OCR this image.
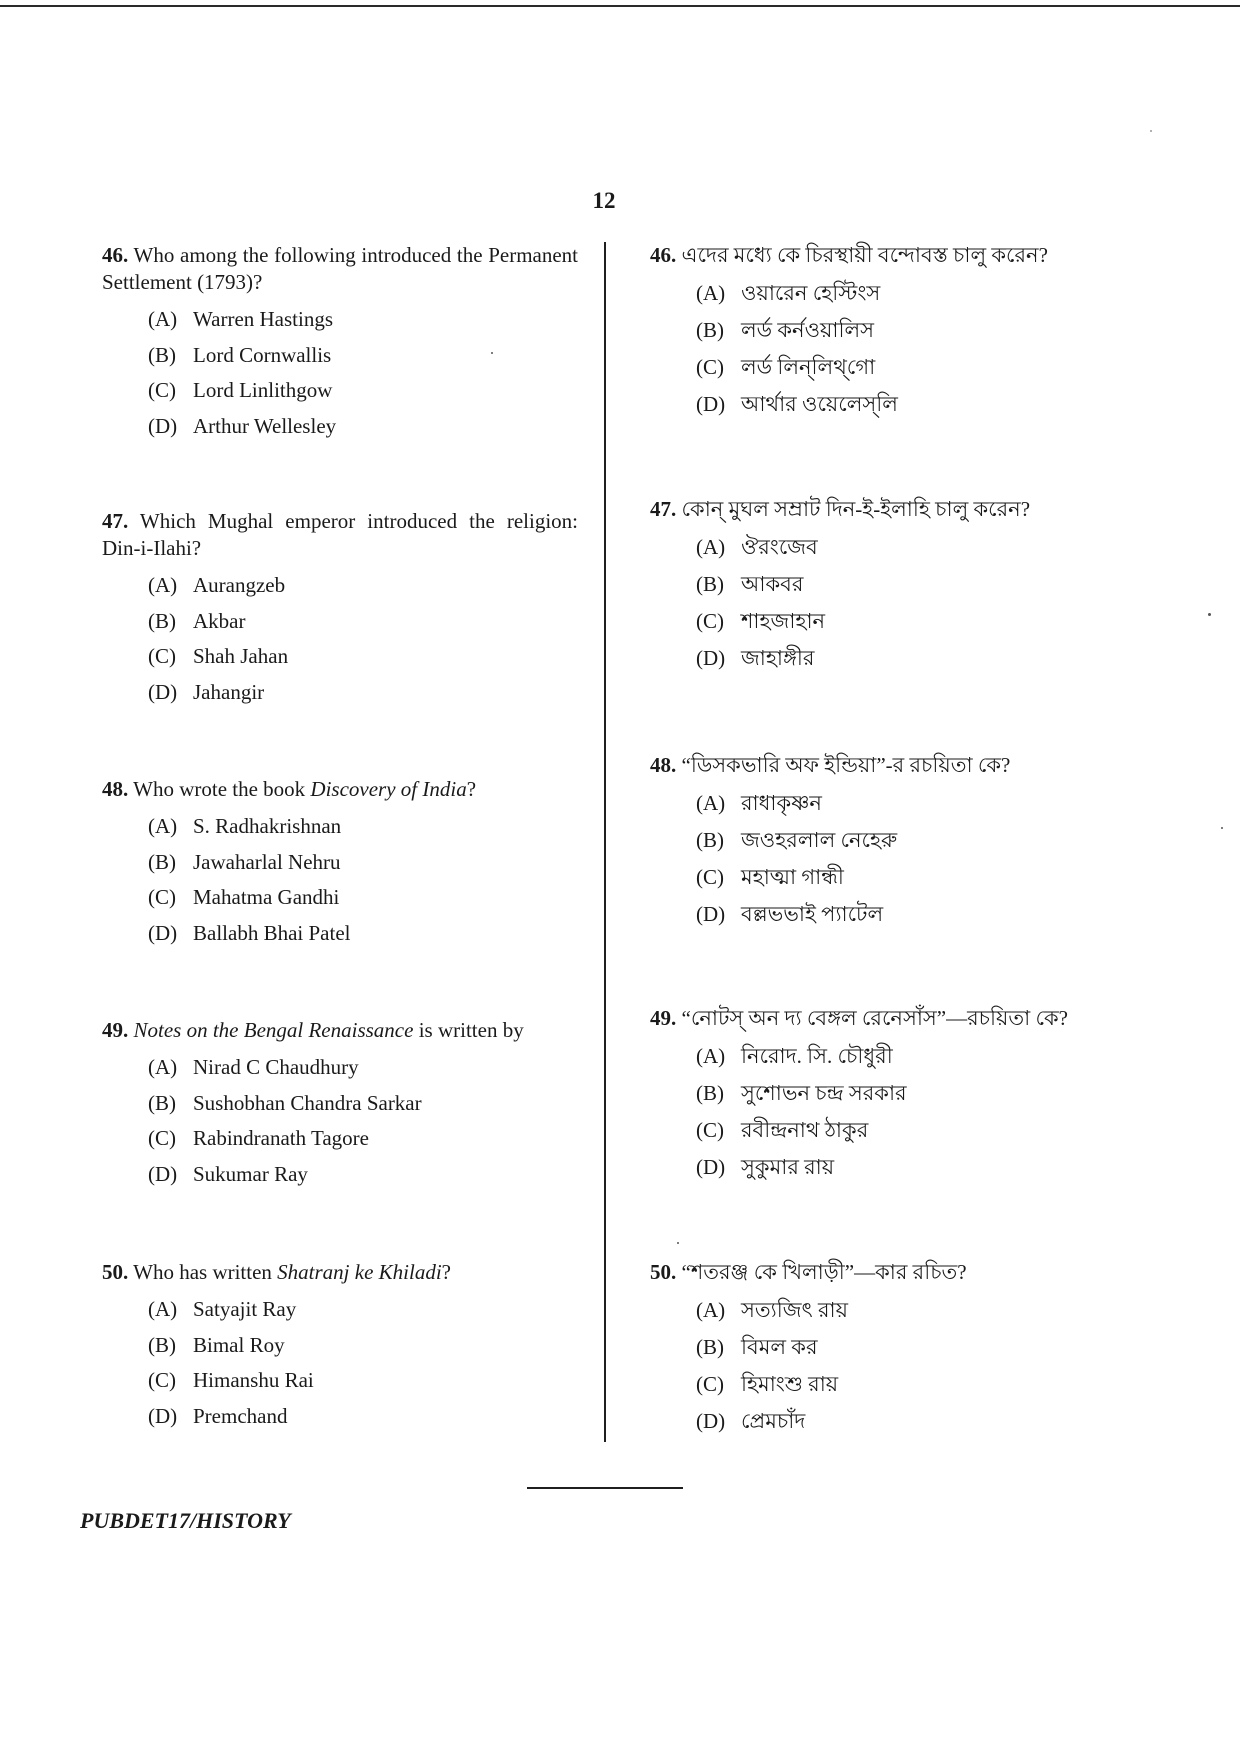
12
46. Who among the following introduced the Permanent Settlement (1793)?
(A) Warren Hastings
(B) Lord Cornwallis
(C) Lord Linlithgow
(D) Arthur Wellesley
47. Which Mughal emperor introduced the religion: Din-i-Ilahi?
(A) Aurangzeb
(B) Akbar
(C) Shah Jahan
(D) Jahangir
48. Who wrote the book Discovery of India?
(A) S. Radhakrishnan
(B) Jawaharlal Nehru
(C) Mahatma Gandhi
(D) Ballabh Bhai Patel
49. Notes on the Bengal Renaissance is written by
(A) Nirad C Chaudhury
(B) Sushobhan Chandra Sarkar
(C) Rabindranath Tagore
(D) Sukumar Ray
50. Who has written Shatranj ke Khiladi?
(A) Satyajit Ray
(B) Bimal Roy
(C) Himanshu Rai
(D) Premchand
46. এদের মধ্যে কে চিরস্থায়ী বন্দোবস্ত চালু করেন?
(A) ওয়ারেন হেস্টিংস
(B) লর্ড কর্নওয়ালিস
(C) লর্ড লিন্‌লিথ্‌গো
(D) আর্থার ওয়েলেস্‌লি
47. কোন্ মুঘল সম্রাট দিন-ই-ইলাহি চালু করেন?
(A) ঔরংজেব
(B) আকবর
(C) শাহজাহান
(D) জাহাঙ্গীর
48. “ডিসকভারি অফ ইন্ডিয়া”-র রচয়িতা কে?
(A) রাধাকৃষ্ণন
(B) জওহরলাল নেহেরু
(C) মহাত্মা গান্ধী
(D) বল্লভভাই প্যাটেল
49. “নোটস্ অন দ্য বেঙ্গল রেনেসাঁস”—রচয়িতা কে?
(A) নিরোদ. সি. চৌধুরী
(B) সুশোভন চন্দ্র সরকার
(C) রবীন্দ্রনাথ ঠাকুর
(D) সুকুমার রায়
50. “শতরঞ্জ কে খিলাড়ী”—কার রচিত?
(A) সত্যজিৎ রায়
(B) বিমল কর
(C) হিমাংশু রায়
(D) প্রেমচাঁদ
PUBDET17/HISTORY
